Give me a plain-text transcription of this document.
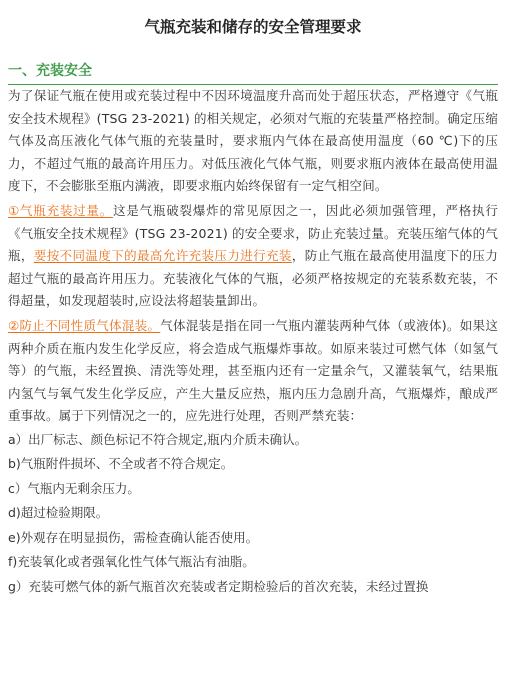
气瓶充装和储存的安全管理要求
一、充装安全

为了保证气瓶在使用或充装过程中不因环境温度升高而处于超压状态，严格遵守《气瓶安全技术规程》(TSG 23-2021) 的相关规定，必须对气瓶的充装量严格控制。确定压缩气体及高压液化气体气瓶的充装量时，要求瓶内气体在最高使用温度（60 ℃)下的压力，不超过气瓶的最高许用压力。对低压液化气体气瓶，则要求瓶内液体在最高使用温度下，不会膨胀至瓶内满液，即要求瓶内始终保留有一定气相空间。

①气瓶充装过量。这是气瓶破裂爆炸的常见原因之一，因此必须加强管理，严格执行《气瓶安全技术规程》(TSG 23-2021) 的安全要求，防止充装过量。充装压缩气体的气瓶，要按不同温度下的最高允许充装压力进行充装，防止气瓶在最高使用温度下的压力超过气瓶的最高许用压力。充装液化气体的气瓶，必须严格按规定的充装系数充装，不得超量，如发现超装时,应设法将超装量卸出。

②防止不同性质气体混装。气体混装是指在同一气瓶内灌装两种气体（或液体)。如果这两种介质在瓶内发生化学反应，将会造成气瓶爆炸事故。如原来装过可燃气体（如氢气等）的气瓶，未经置换、清洗等处理，甚至瓶内还有一定量余气，又灌装氧气，结果瓶内氢气与氧气发生化学反应，产生大量反应热，瓶内压力急剧升高，气瓶爆炸，酿成严重事故。属于下列情况之一的，应先进行处理，否则严禁充装：

a）出厂标志、颜色标记不符合规定,瓶内介质未确认。

b)气瓶附件损坏、不全或者不符合规定。

c）气瓶内无剩余压力。

d)超过检验期限。

e)外观存在明显损伤，需检查确认能否使用。

f)充装氧化或者强氧化性气体气瓶沾有油脂。

g）充装可燃气体的新气瓶首次充装或者定期检验后的首次充装，未经过置换
